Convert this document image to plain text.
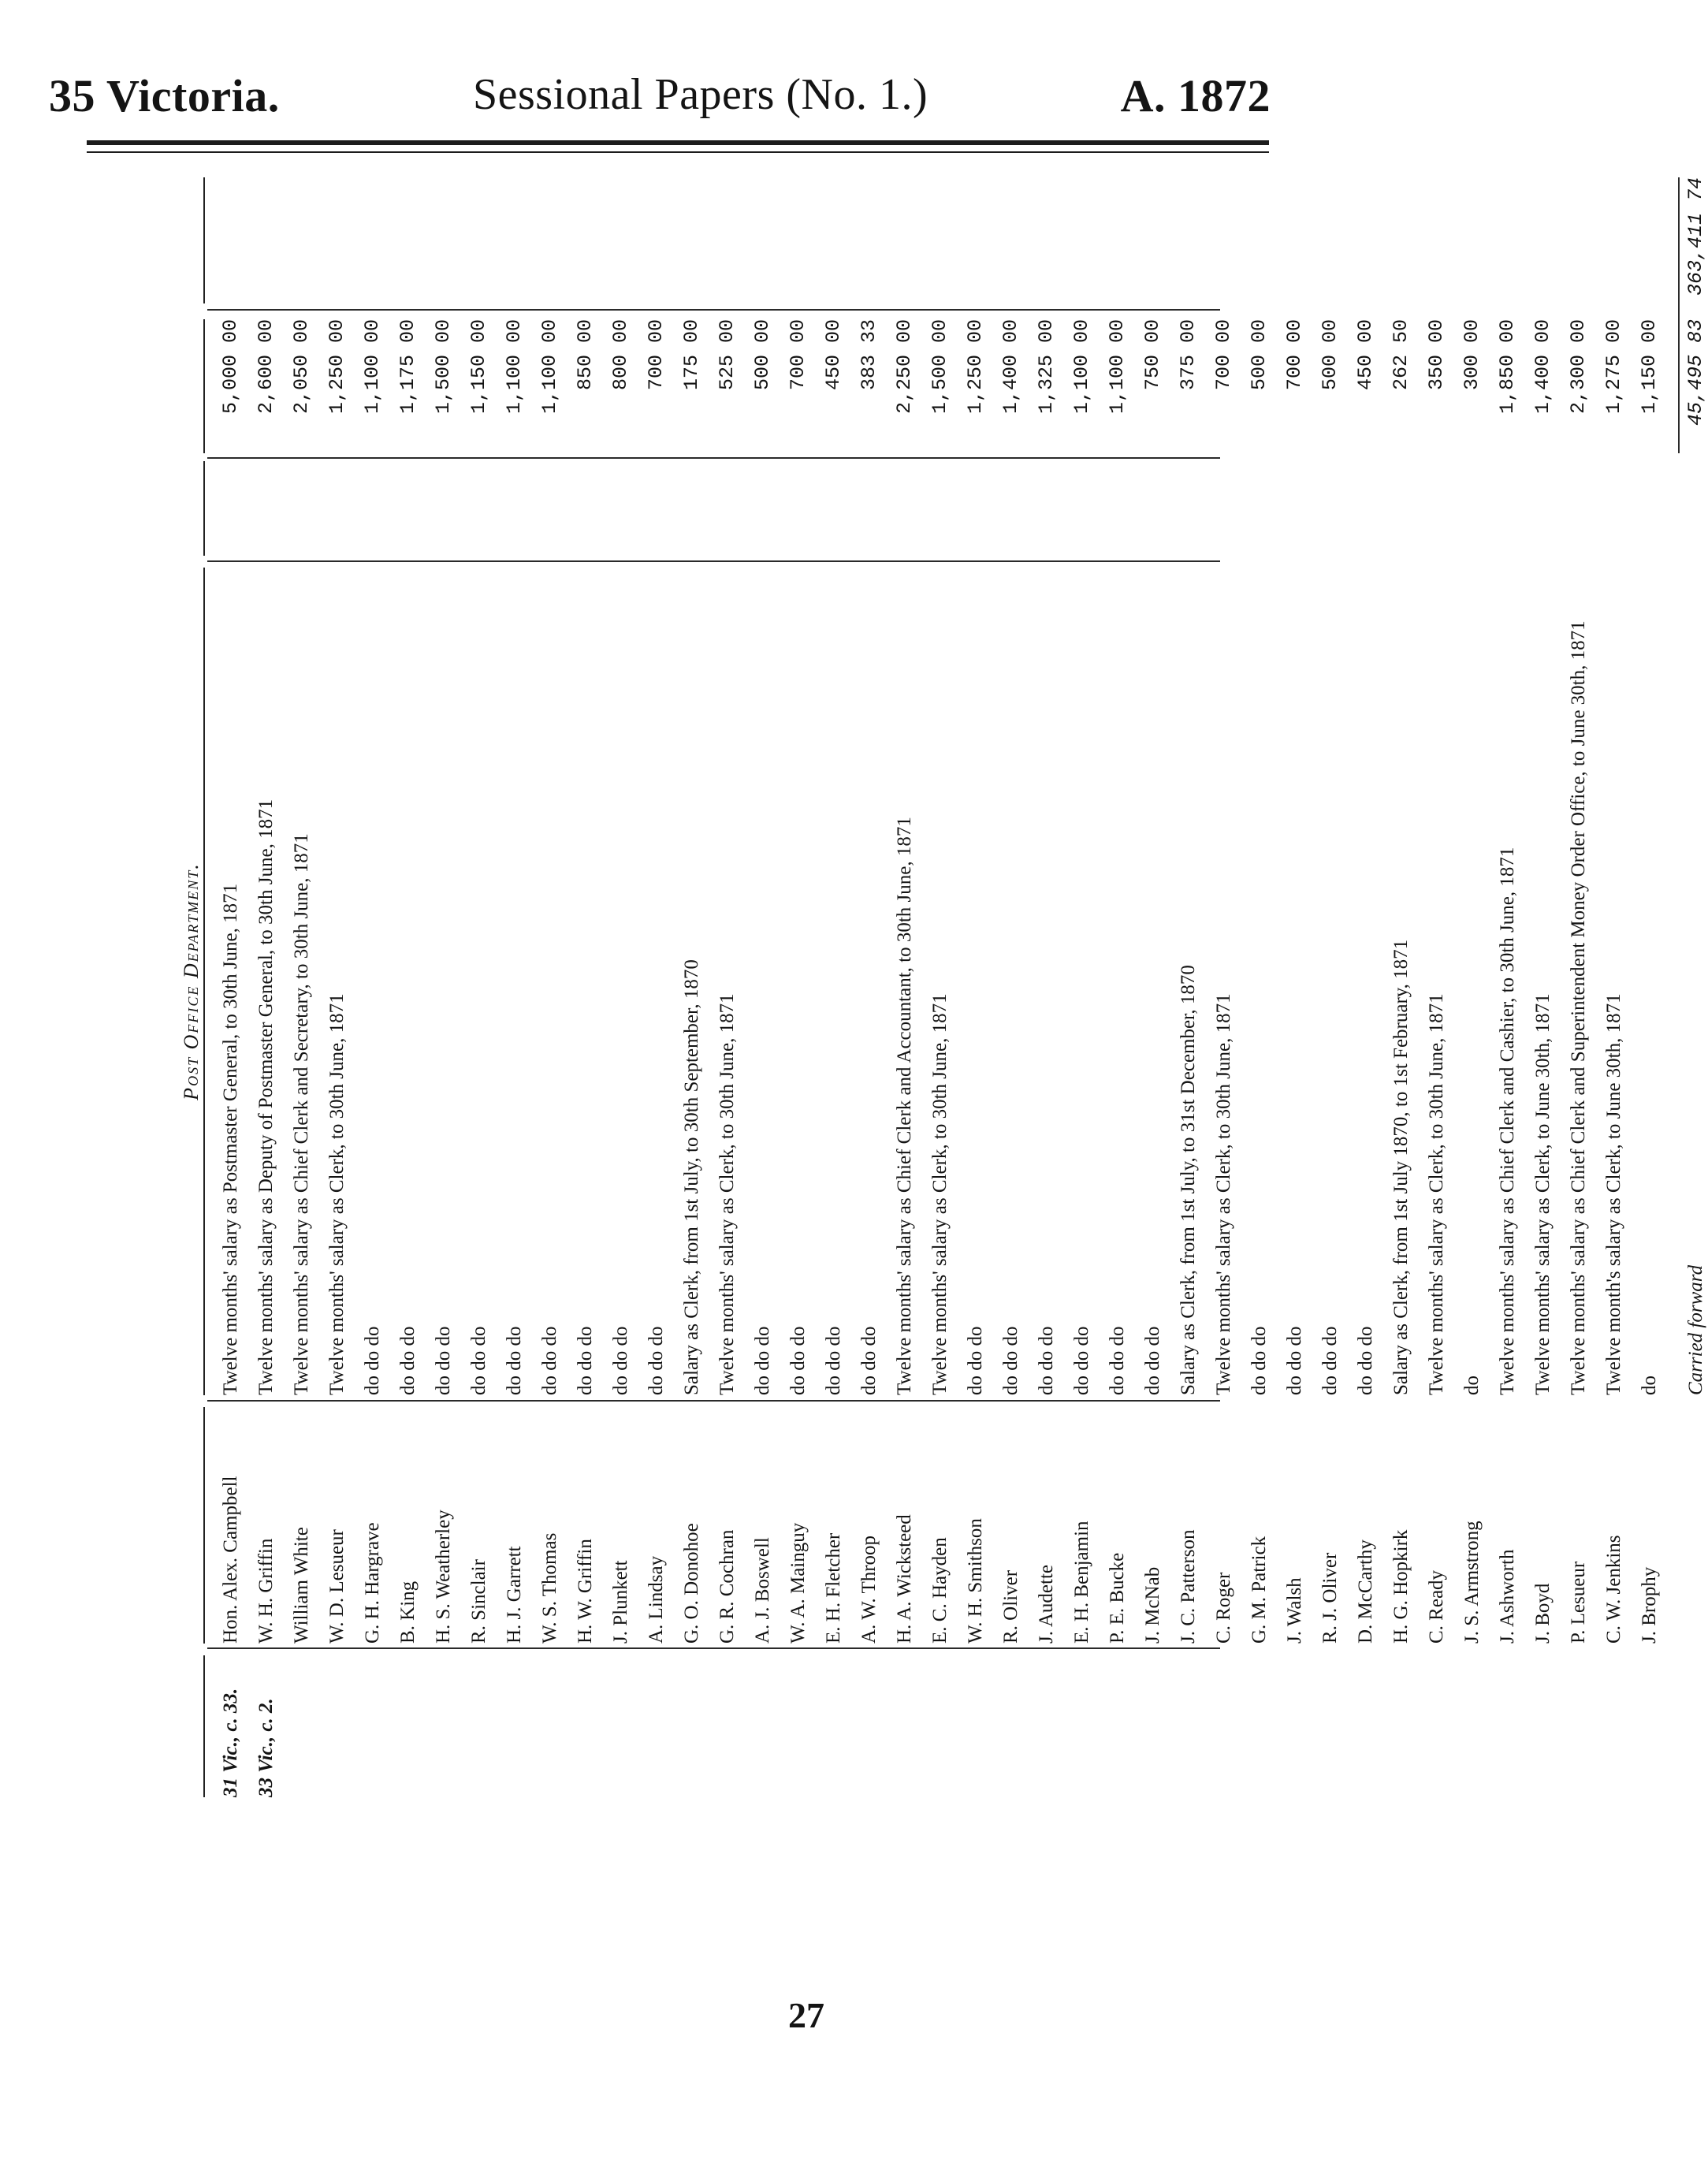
35 Victoria.	Sessional Papers (No. 1.)	A. 1872
Post Office Department.
31 Vic., c. 33.
Hon. Alex. Campbell
Twelve months' salary as Postmaster General, to 30th June, 1871
5,000 00
33 Vic., c. 2.
W. H. Griffin
Twelve months' salary as Deputy of Postmaster General, to 30th June, 1871
2,600 00
William White
Twelve months' salary as Chief Clerk and Secretary, to 30th June, 1871
2,050 00
W. D. Lesueur
Twelve months' salary as Clerk, to 30th June, 1871
1,250 00
G. H. Hargrave
do do do
1,100 00
B. King
do do do
1,175 00
H. S. Weatherley
do do do
1,500 00
R. Sinclair
do do do
1,150 00
H. J. Garrett
do do do
1,100 00
W. S. Thomas
do do do
1,100 00
H. W. Griffin
do do do
850 00
J. Plunkett
do do do
800 00
A. Lindsay
do do do
700 00
G. O. Donohoe
Salary as Clerk, from 1st July, to 30th September, 1870
175 00
G. R. Cochran
Twelve months' salary as Clerk, to 30th June, 1871
525 00
A. J. Boswell
do do do
500 00
W. A. Mainguy
do do do
700 00
E. H. Fletcher
do do do
450 00
A. W. Throop
do do do
383 33
H. A. Wicksteed
Twelve months' salary as Chief Clerk and Accountant, to 30th June, 1871
2,250 00
E. C. Hayden
Twelve months' salary as Clerk, to 30th June, 1871
1,500 00
W. H. Smithson
do do do
1,250 00
R. Oliver
do do do
1,400 00
J. Audette
do do do
1,325 00
E. H. Benjamin
do do do
1,100 00
P. E. Bucke
do do do
1,100 00
J. McNab
do do do
750 00
J. C. Patterson
Salary as Clerk, from 1st July, to 31st December, 1870
375 00
C. Roger
Twelve months' salary as Clerk, to 30th June, 1871
700 00
G. M. Patrick
do do do
500 00
J. Walsh
do do do
700 00
R. J. Oliver
do do do
500 00
D. McCarthy
do do do
450 00
H. G. Hopkirk
Salary as Clerk, from 1st July 1870, to 1st February, 1871
262 50
C. Ready
Twelve months' salary as Clerk, to 30th June, 1871
350 00
J. S. Armstrong
do
300 00
J. Ashworth
Twelve months' salary as Chief Clerk and Cashier, to 30th June, 1871
1,850 00
J. Boyd
Twelve months' salary as Clerk, to June 30th, 1871
1,400 00
P. Lesueur
Twelve months' salary as Chief Clerk and Superintendent Money Order Office, to June 30th, 1871
2,300 00
C. W. Jenkins
Twelve month's salary as Clerk, to June 30th, 1871
1,275 00
J. Brophy
do
1,150 00
Carried forward
45,495 83
363,411 74
27
